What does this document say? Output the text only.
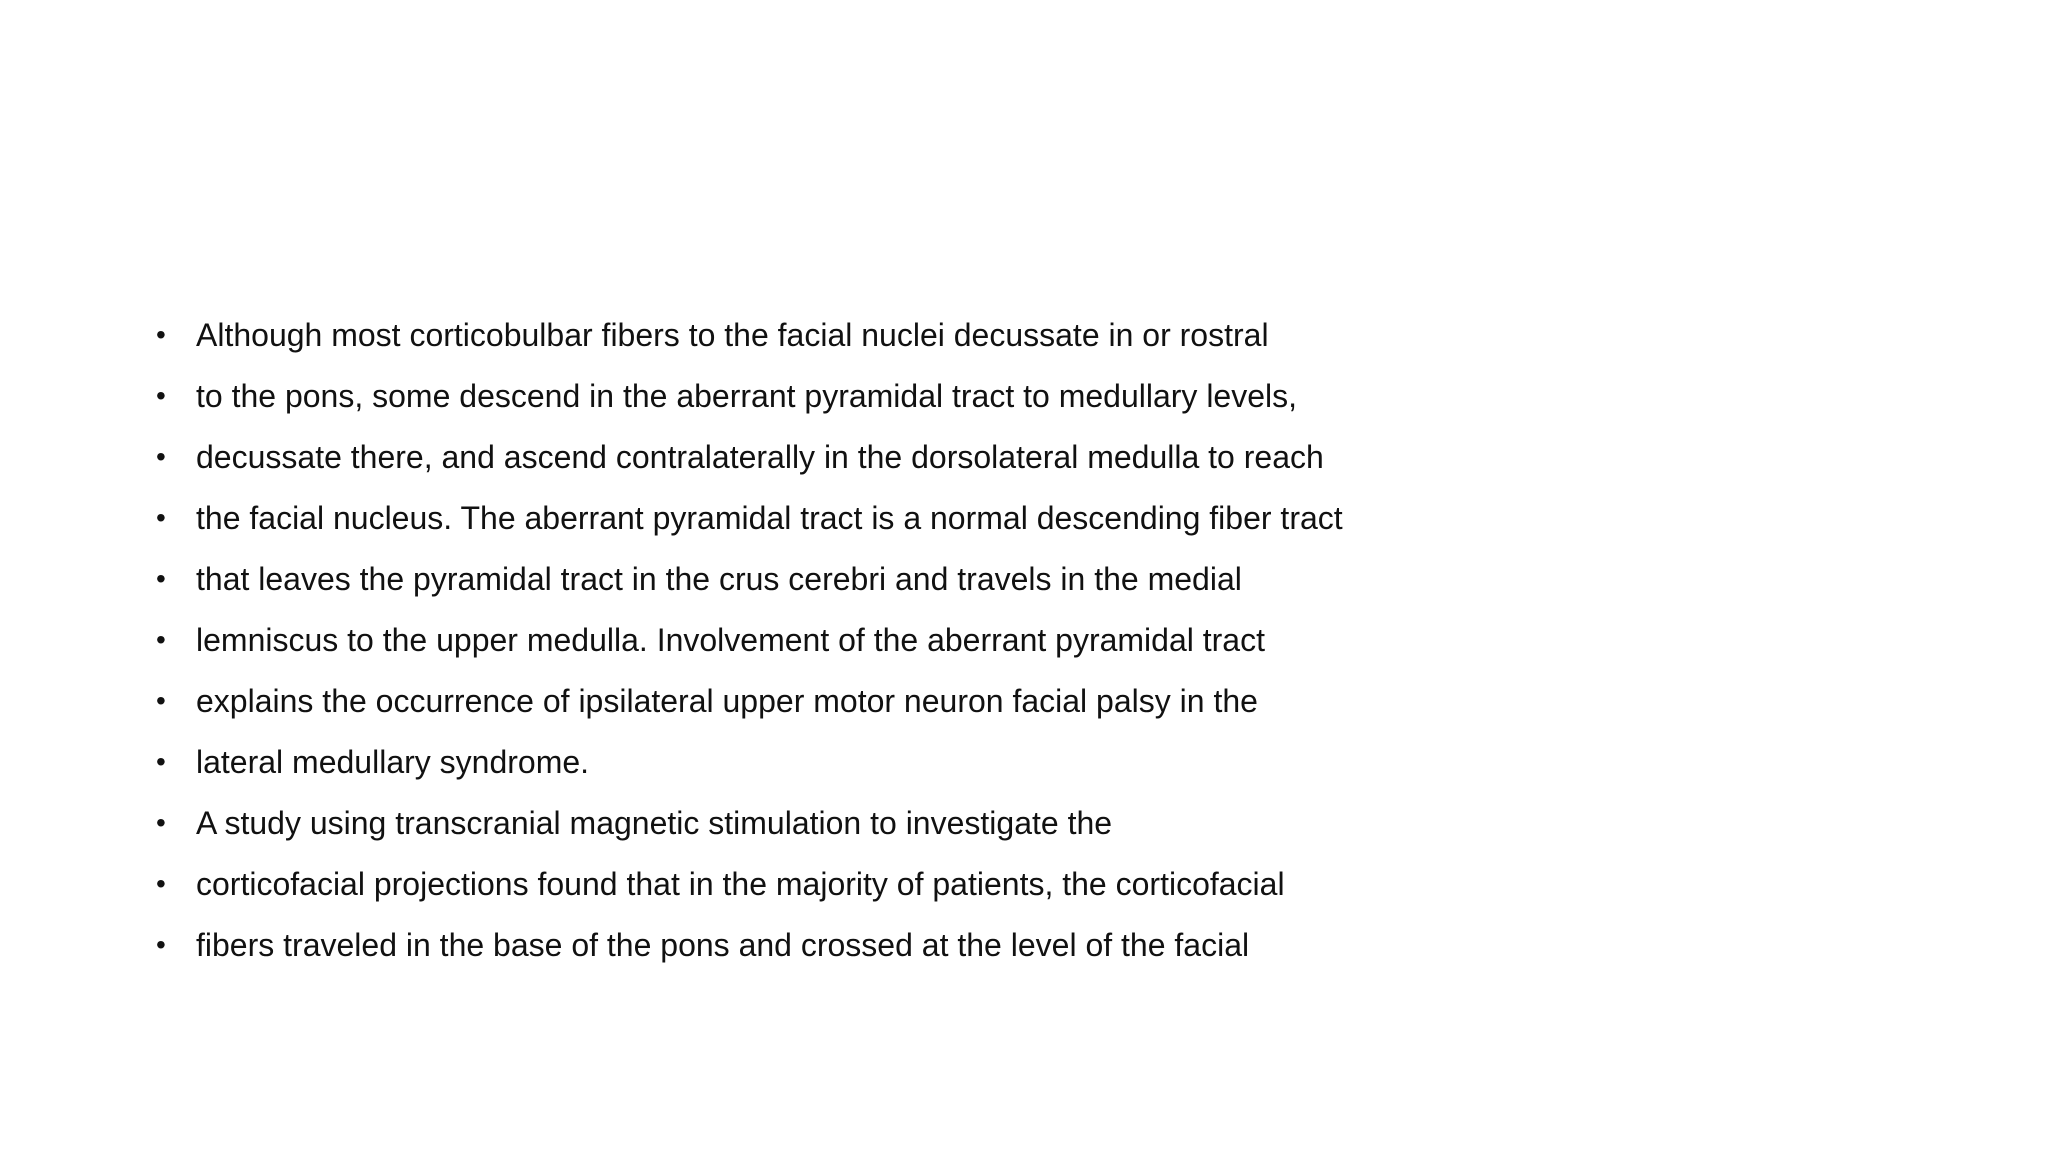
• Although most corticobulbar fibers to the facial nuclei decussate in or rostral
• to the pons, some descend in the aberrant pyramidal tract to medullary levels,
• decussate there, and ascend contralaterally in the dorsolateral medulla to reach
• the facial nucleus. The aberrant pyramidal tract is a normal descending fiber tract
• that leaves the pyramidal tract in the crus cerebri and travels in the medial
• lemniscus to the upper medulla. Involvement of the aberrant pyramidal tract
• explains the occurrence of ipsilateral upper motor neuron facial palsy in the
• lateral medullary syndrome.
• A study using transcranial magnetic stimulation to investigate the
• corticofacial projections found that in the majority of patients, the corticofacial
• fibers traveled in the base of the pons and crossed at the level of the facial
